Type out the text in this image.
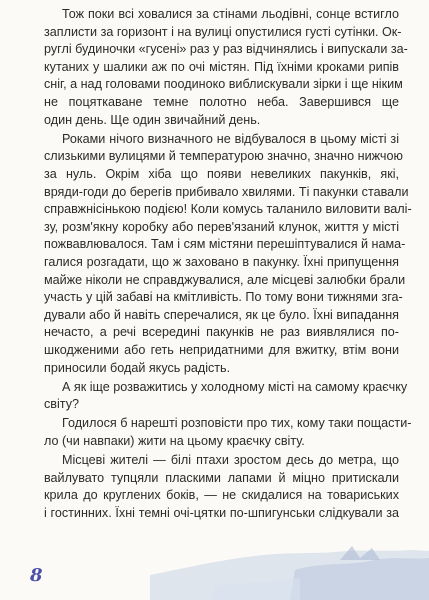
Тож поки всі ховалися за стінами льодівні, сонце встигло
заплисти за горизонт і на вулиці опустилися густі сутінки. Ок-
руглі будиночки «гусені» раз у раз відчинялись і випускали за-
кутаних у шалики аж по очі містян. Під їхніми кроками рипів
сніг, а над головами поодиноко виблискували зірки і ще ніким
не поцяткаване темне полотно неба. Завершився ще
один день. Ще один звичайний день.
Роками нічого визначного не відбувалося в цьому місті зі
слизькими вулицями й температурою значно, значно нижчою
за нуль. Окрім хіба що появи невеликих пакунків, які,
вряди-годи до берегів прибивало хвилями. Ті пакунки ставали
справжнісінькою подією! Коли комусь таланило виловити валі-
зу, розм'якну коробку або перев'язаний клунок, життя у місті
пожвавлювалося. Там і сям містяни перешіптувалися й нама-
галися розгадати, що ж заховано в пакунку. Їхні припущення
майже ніколи не справджувалися, але місцеві залюбки брали
участь у цій забаві на кмітливість. По тому вони тижнями зга-
дували або й навіть сперечалися, як це було. Їхні випадання
нечасто, а речі всередині пакунків не раз виявлялися по-
шкодженими або геть непридатними для вжитку, втім вони
приносили бодай якусь радість.
А як іще розважитись у холодному місті на самому краєчку
світу?
Годилося б нарешті розповісти про тих, кому таки пощасти-
ло (чи навпаки) жити на цьому краєчку світу.
Місцеві жителі — білі птахи зростом десь до метра, що
вайлувато тупцяли пласкими лапами й міцно притискали
крила до круглених боків, — не скидалися на товариських
і гостинних. Їхні темні очі-цятки по-шпигунськи слідкували за
8
